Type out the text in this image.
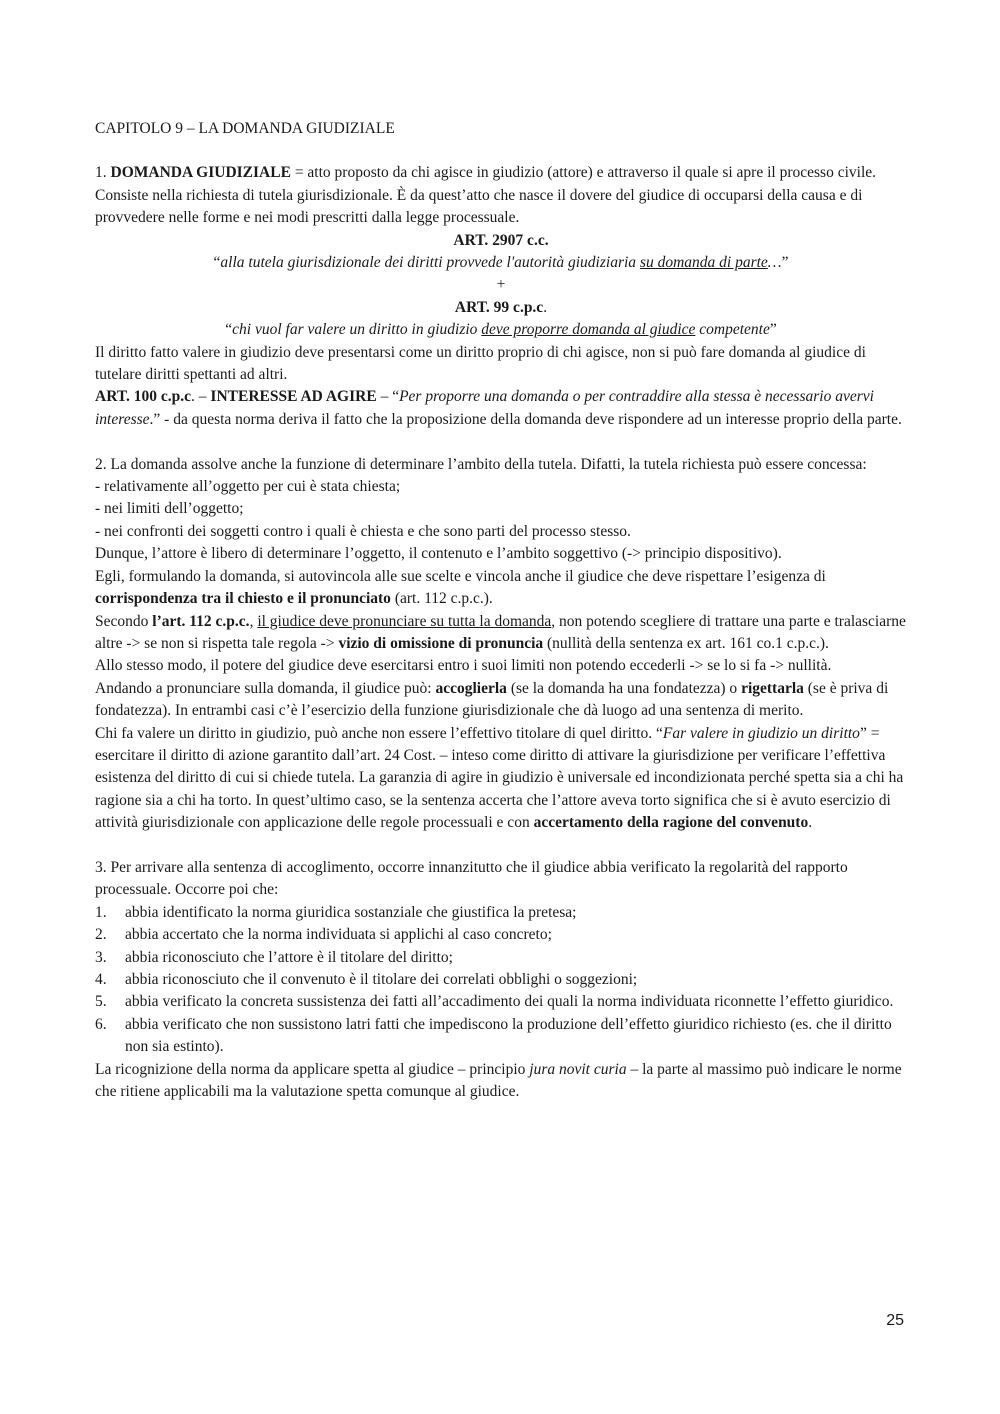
CAPITOLO 9 – LA DOMANDA GIUDIZIALE

1. DOMANDA GIUDIZIALE = atto proposto da chi agisce in giudizio (attore) e attraverso il quale si apre il processo civile. Consiste nella richiesta di tutela giurisdizionale. È da quest’atto che nasce il dovere del giudice di occuparsi della causa e di provvedere nelle forme e nei modi prescritti dalla legge processuale.

ART. 2907 c.c.

“alla tutela giurisdizionale dei diritti provvede l'autorità giudiziaria su domanda di parte…”

+

ART. 99 c.p.c.

“chi vuol far valere un diritto in giudizio deve proporre domanda al giudice competente”

Il diritto fatto valere in giudizio deve presentarsi come un diritto proprio di chi agisce, non si può fare domanda al giudice di tutelare diritti spettanti ad altri.

ART. 100 c.p.c. – INTERESSE AD AGIRE – “Per proporre una domanda o per contraddire alla stessa è necessario avervi interesse.” - da questa norma deriva il fatto che la proposizione della domanda deve rispondere ad un interesse proprio della parte.

2. La domanda assolve anche la funzione di determinare l’ambito della tutela. Difatti, la tutela richiesta può essere concessa:

- relativamente all’oggetto per cui è stata chiesta;

- nei limiti dell’oggetto;

- nei confronti dei soggetti contro i quali è chiesta e che sono parti del processo stesso.

Dunque, l’attore è libero di determinare l’oggetto, il contenuto e l’ambito soggettivo (-> principio dispositivo).

Egli, formulando la domanda, si autovincola alle sue scelte e vincola anche il giudice che deve rispettare l’esigenza di corrispondenza tra il chiesto e il pronunciato (art. 112 c.p.c.).

Secondo l’art. 112 c.p.c., il giudice deve pronunciare su tutta la domanda, non potendo scegliere di trattare una parte e tralasciarne altre -> se non si rispetta tale regola -> vizio di omissione di pronuncia (nullità della sentenza ex art. 161 co.1 c.p.c.).

Allo stesso modo, il potere del giudice deve esercitarsi entro i suoi limiti non potendo eccederli -> se lo si fa -> nullità.

Andando a pronunciare sulla domanda, il giudice può: accoglierla (se la domanda ha una fondatezza) o rigettarla (se è priva di fondatezza). In entrambi casi c’è l’esercizio della funzione giurisdizionale che dà luogo ad una sentenza di merito.

Chi fa valere un diritto in giudizio, può anche non essere l’effettivo titolare di quel diritto. “Far valere in giudizio un diritto” = esercitare il diritto di azione garantito dall’art. 24 Cost. – inteso come diritto di attivare la giurisdizione per verificare l’effettiva esistenza del diritto di cui si chiede tutela. La garanzia di agire in giudizio è universale ed incondizionata perché spetta sia a chi ha ragione sia a chi ha torto. In quest’ultimo caso, se la sentenza accerta che l’attore aveva torto significa che si è avuto esercizio di attività giurisdizionale con applicazione delle regole processuali e con accertamento della ragione del convenuto.

3. Per arrivare alla sentenza di accoglimento, occorre innanzitutto che il giudice abbia verificato la regolarità del rapporto processuale. Occorre poi che:

1.	abbia identificato la norma giuridica sostanziale che giustifica la pretesa;
2.	abbia accertato che la norma individuata si applichi al caso concreto;
3.	abbia riconosciuto che l’attore è il titolare del diritto;
4.	abbia riconosciuto che il convenuto è il titolare dei correlati obblighi o soggezioni;
5.	abbia verificato la concreta sussistenza dei fatti all’accadimento dei quali la norma individuata riconnette l’effetto giuridico.
6.	abbia verificato che non sussistono latri fatti che impediscono la produzione dell’effetto giuridico richiesto (es. che il diritto non sia estinto).

La ricognizione della norma da applicare spetta al giudice – principio jura novit curia – la parte al massimo può indicare le norme che ritiene applicabili ma la valutazione spetta comunque al giudice.

25
